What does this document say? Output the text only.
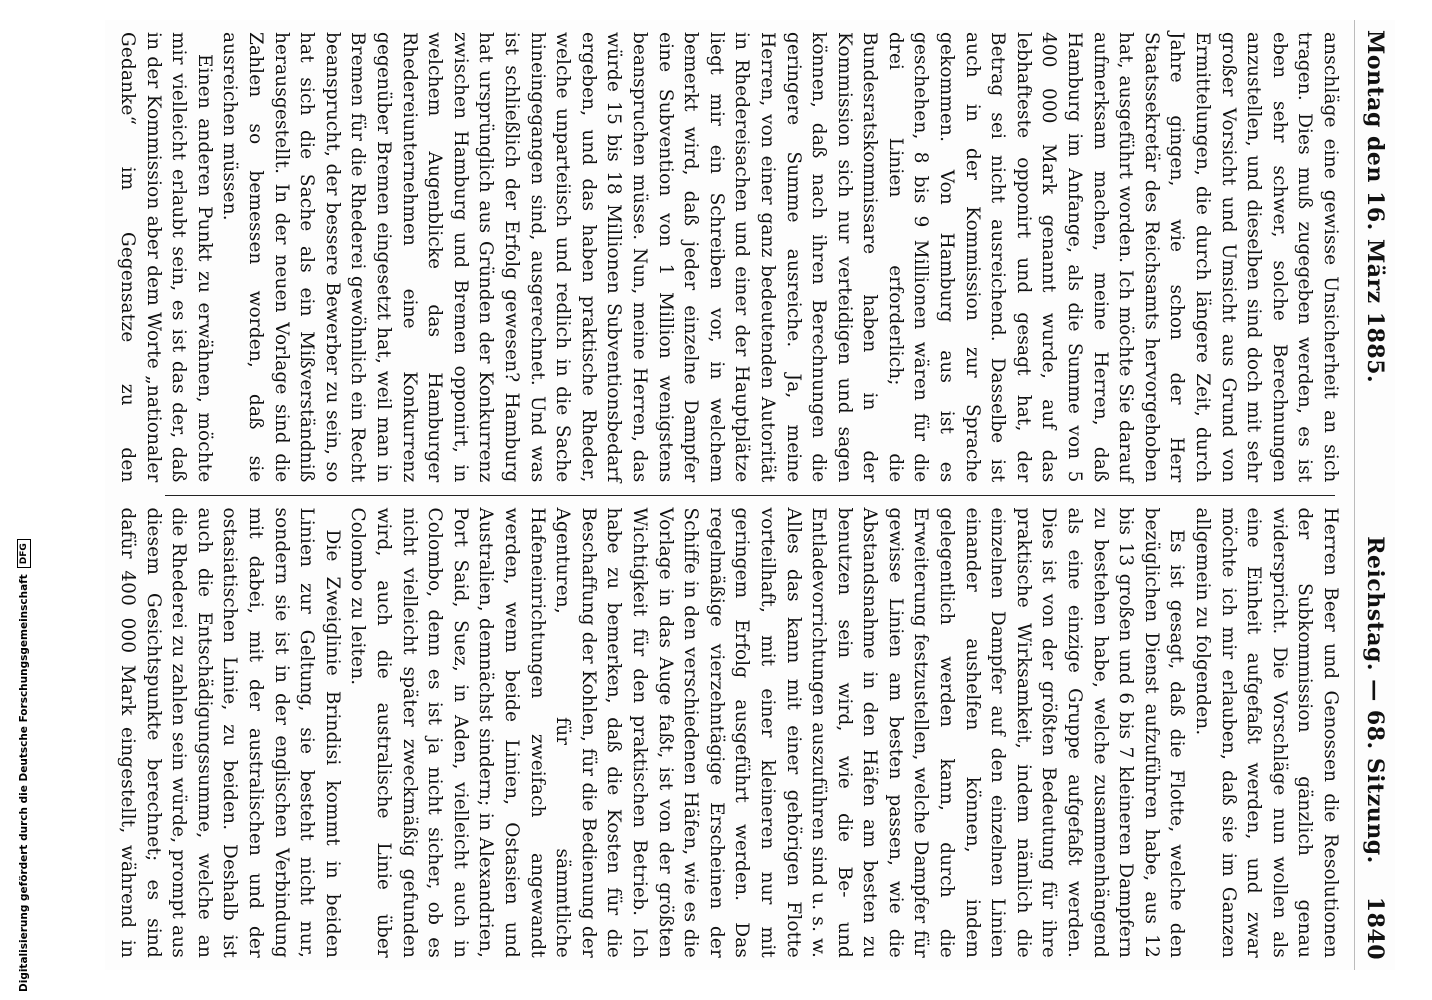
Digitalisierung gefördert durch die Deutsche Forschungsgemeinschaft
DFG
Montag den 16. März 1885.
Reichstag. — 68. Sitzung.
1840

anschläge eine gewisse Unsicherheit an sich tragen. Dies muß zugegeben werden, es ist eben sehr schwer, solche Berechnungen anzustellen, und dieselben sind doch mit sehr großer Vorsicht und Umsicht aus Grund von Ermittelungen, die durch längere Zeit, durch Jahre gingen, wie schon der Herr Staatssekretär des Reichsamts hervorgehoben hat, ausgeführt worden. Ich möchte Sie darauf aufmerksam machen, meine Herren, daß Hamburg im Anfange, als die Summe von 5 400 000 Mark genannt wurde, auf das lebhafteste opponirt und gesagt hat, der Betrag sei nicht ausreichend. Dasselbe ist auch in der Kommission zur Sprache gekommen. Von Hamburg aus ist es geschehen, 8 bis 9 Millionen wären für die drei Linien erforderlich; die Bundesratskommissare haben in der Kommission sich nur verteidigen und sagen können, daß nach ihren Berechnungen die geringere Summe ausreiche. Ja, meine Herren, von einer ganz bedeutenden Autorität in Rhedereisachen und einer der Hauptplätze liegt mir ein Schreiben vor, in welchem bemerkt wird, daß jeder einzelne Dampfer eine Subvention von 1 Million wenigstens beanspruchen müsse. Nun, meine Herren, das würde 15 bis 18 Millionen Subventionsbedarf ergeben, und das haben praktische Rheder, welche unparteiisch und redlich in die Sache hineingegangen sind, ausgerechnet. Und was ist schließlich der Erfolg gewesen? Hamburg hat ursprünglich aus Gründen der Konkurrenz zwischen Hamburg und Bremen opponirt, in welchem Augenblicke das Hamburger Rhedereiunternehmen eine Konkurrenz gegenüber Bremen eingesetzt hat, weil man in Bremen für die Rhederei gewöhnlich ein Recht beansprucht, der bessere Bewerber zu sein, so hat sich die Sache als ein Mißverständniß herausgestellt. In der neuen Vorlage sind die Zahlen so bemessen worden, daß sie ausreichen müssen.

Einen anderen Punkt zu erwähnen, möchte mir vielleicht erlaubt sein, es ist das der, daß in der Kommission aber dem Worte „nationaler Gedanke“ im Gegensatze zu den

Herren Beer und Genossen die Resolutionen der Subkommission gänzlich genau widerspricht. Die Vorschläge nun wollen als eine Einheit aufgefaßt werden, und zwar möchte ich mir erlauben, daß sie im Ganzen allgemein zu folgenden.

Es ist gesagt, daß die Flotte, welche den bezüglichen Dienst aufzuführen habe, aus 12 bis 13 großen und 6 bis 7 kleineren Dampfern zu bestehen habe, welche zusammenhängend als eine einzige Gruppe aufgefaßt werden. Dies ist von der größten Bedeutung für ihre praktische Wirksamkeit, indem nämlich die einzelnen Dampfer auf den einzelnen Linien einander aushelfen können, indem gelegentlich werden kann, durch die Erweiterung festzustellen, welche Dampfer für gewisse Linien am besten passen, wie die Abstandsnahme in den Häfen am besten zu benutzen sein wird, wie die Be- und Entladevorrichtungen auszuführen sind u. s. w. Alles das kann mit einer gehörigen Flotte vorteilhaft, mit einer kleineren nur mit geringem Erfolg ausgeführt werden. Das regelmäßige vierzehntägige Erscheinen der Schiffe in den verschiedenen Häfen, wie es die Vorlage in das Auge faßt, ist von der größten Wichtigkeit für den praktischen Betrieb. Ich habe zu bemerken, daß die Kosten für die Beschaffung der Kohlen, für die Bedienung der Agenturen, für sämmtliche Hafeneinrichtungen zweifach angewandt werden, wenn beide Linien, Ostasien und Australien, demnächst sindern; in Alexandrien, Port Said, Suez, in Aden, vielleicht auch in Colombo, denn es ist ja nicht sicher, ob es nicht vielleicht später zweckmäßig gefunden wird, auch die australische Linie über Colombo zu leiten.

Die Zweiglinie Brindisi kommt in beiden Linien zur Geltung, sie besteht nicht nur, sondern sie ist in der englischen Verbindung mit dabei, mit der australischen und der ostasiatischen Linie, zu beiden. Deshalb ist auch die Entschädigungssumme, welche an die Rhederei zu zahlen sein würde, prompt aus diesem Gesichtspunkte berechnet; es sind dafür 400 000 Mark eingestellt, während in
